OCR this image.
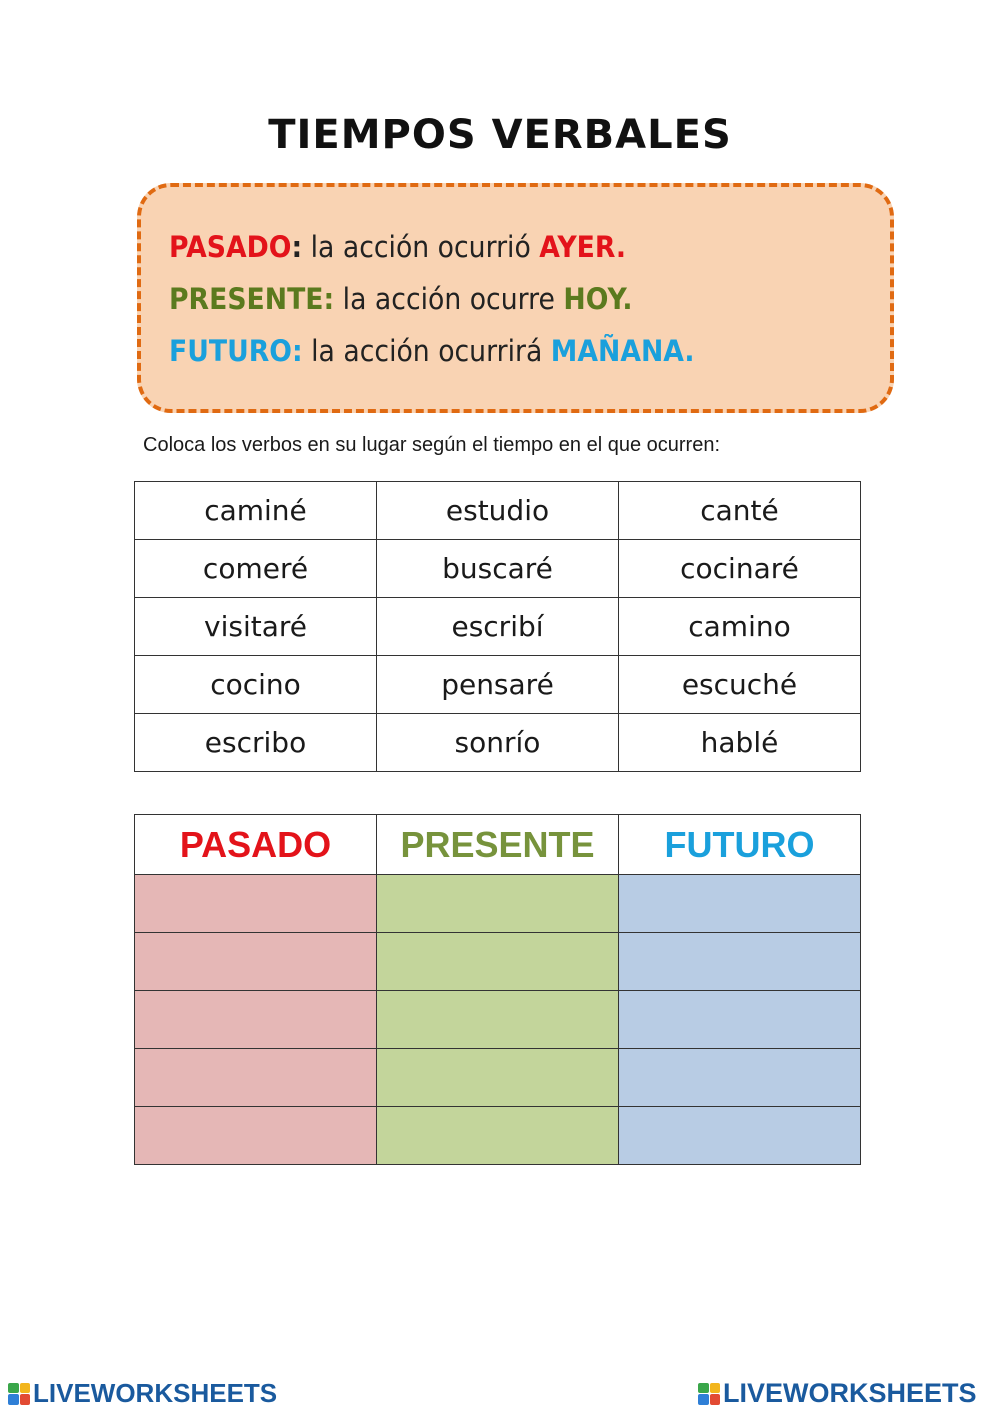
TIEMPOS VERBALES
PASADO: la acción ocurrió AYER.
PRESENTE: la acción ocurre HOY.
FUTURO: la acción ocurrirá MAÑANA.
Coloca los verbos en su lugar según el tiempo en el que ocurren:
caminé	estudio	canté
comeré	buscaré	cocinaré
visitaré	escribí	camino
cocino	pensaré	escuché
escribo	sonrío	hablé
PASADO	PRESENTE	FUTURO

LIVEWORKSHEETS	LIVEWORKSHEETS
